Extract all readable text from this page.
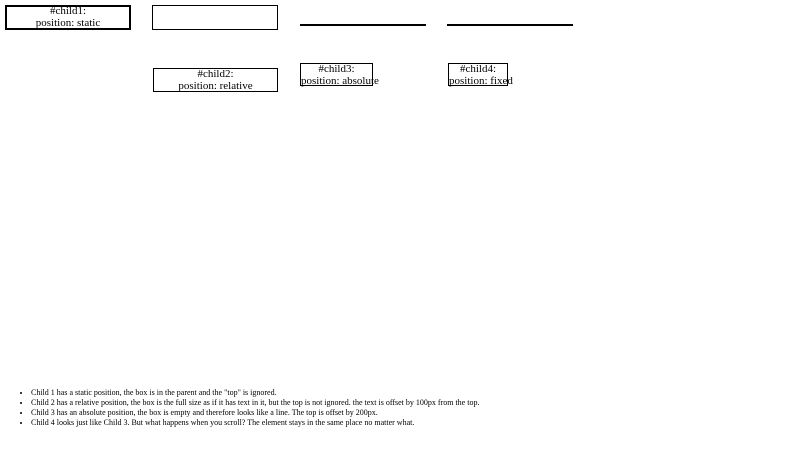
#child1:
position: static
#child2:
position: relative
#child3:
position: absolute
#child4:
position: fixed
• Child 1 has a static position, the box is in the parent and the "top" is ignored.
• Child 2 has a relative position, the box is the full size as if it has text in it, but the top is not ignored. the text is offset by 100px from the top.
• Child 3 has an absolute position, the box is empty and therefore looks like a line. The top is offset by 200px.
• Child 4 looks just like Child 3. But what happens when you scroll? The element stays in the same place no matter what.
